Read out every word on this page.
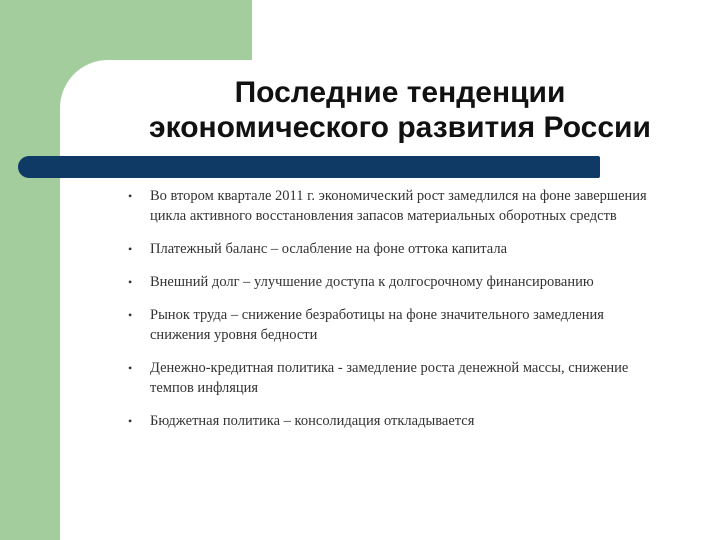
Последние тенденции
экономического развития России
• Во втором квартале 2011 г. экономический рост замедлился на фоне завершения цикла активного восстановления запасов материальных оборотных средств
• Платежный баланс – ослабление на фоне оттока капитала
• Внешний долг – улучшение доступа к долгосрочному финансированию
• Рынок труда – снижение безработицы на фоне значительного замедления снижения уровня бедности
• Денежно-кредитная политика - замедление роста денежной массы, снижение темпов инфляция
• Бюджетная политика – консолидация откладывается
